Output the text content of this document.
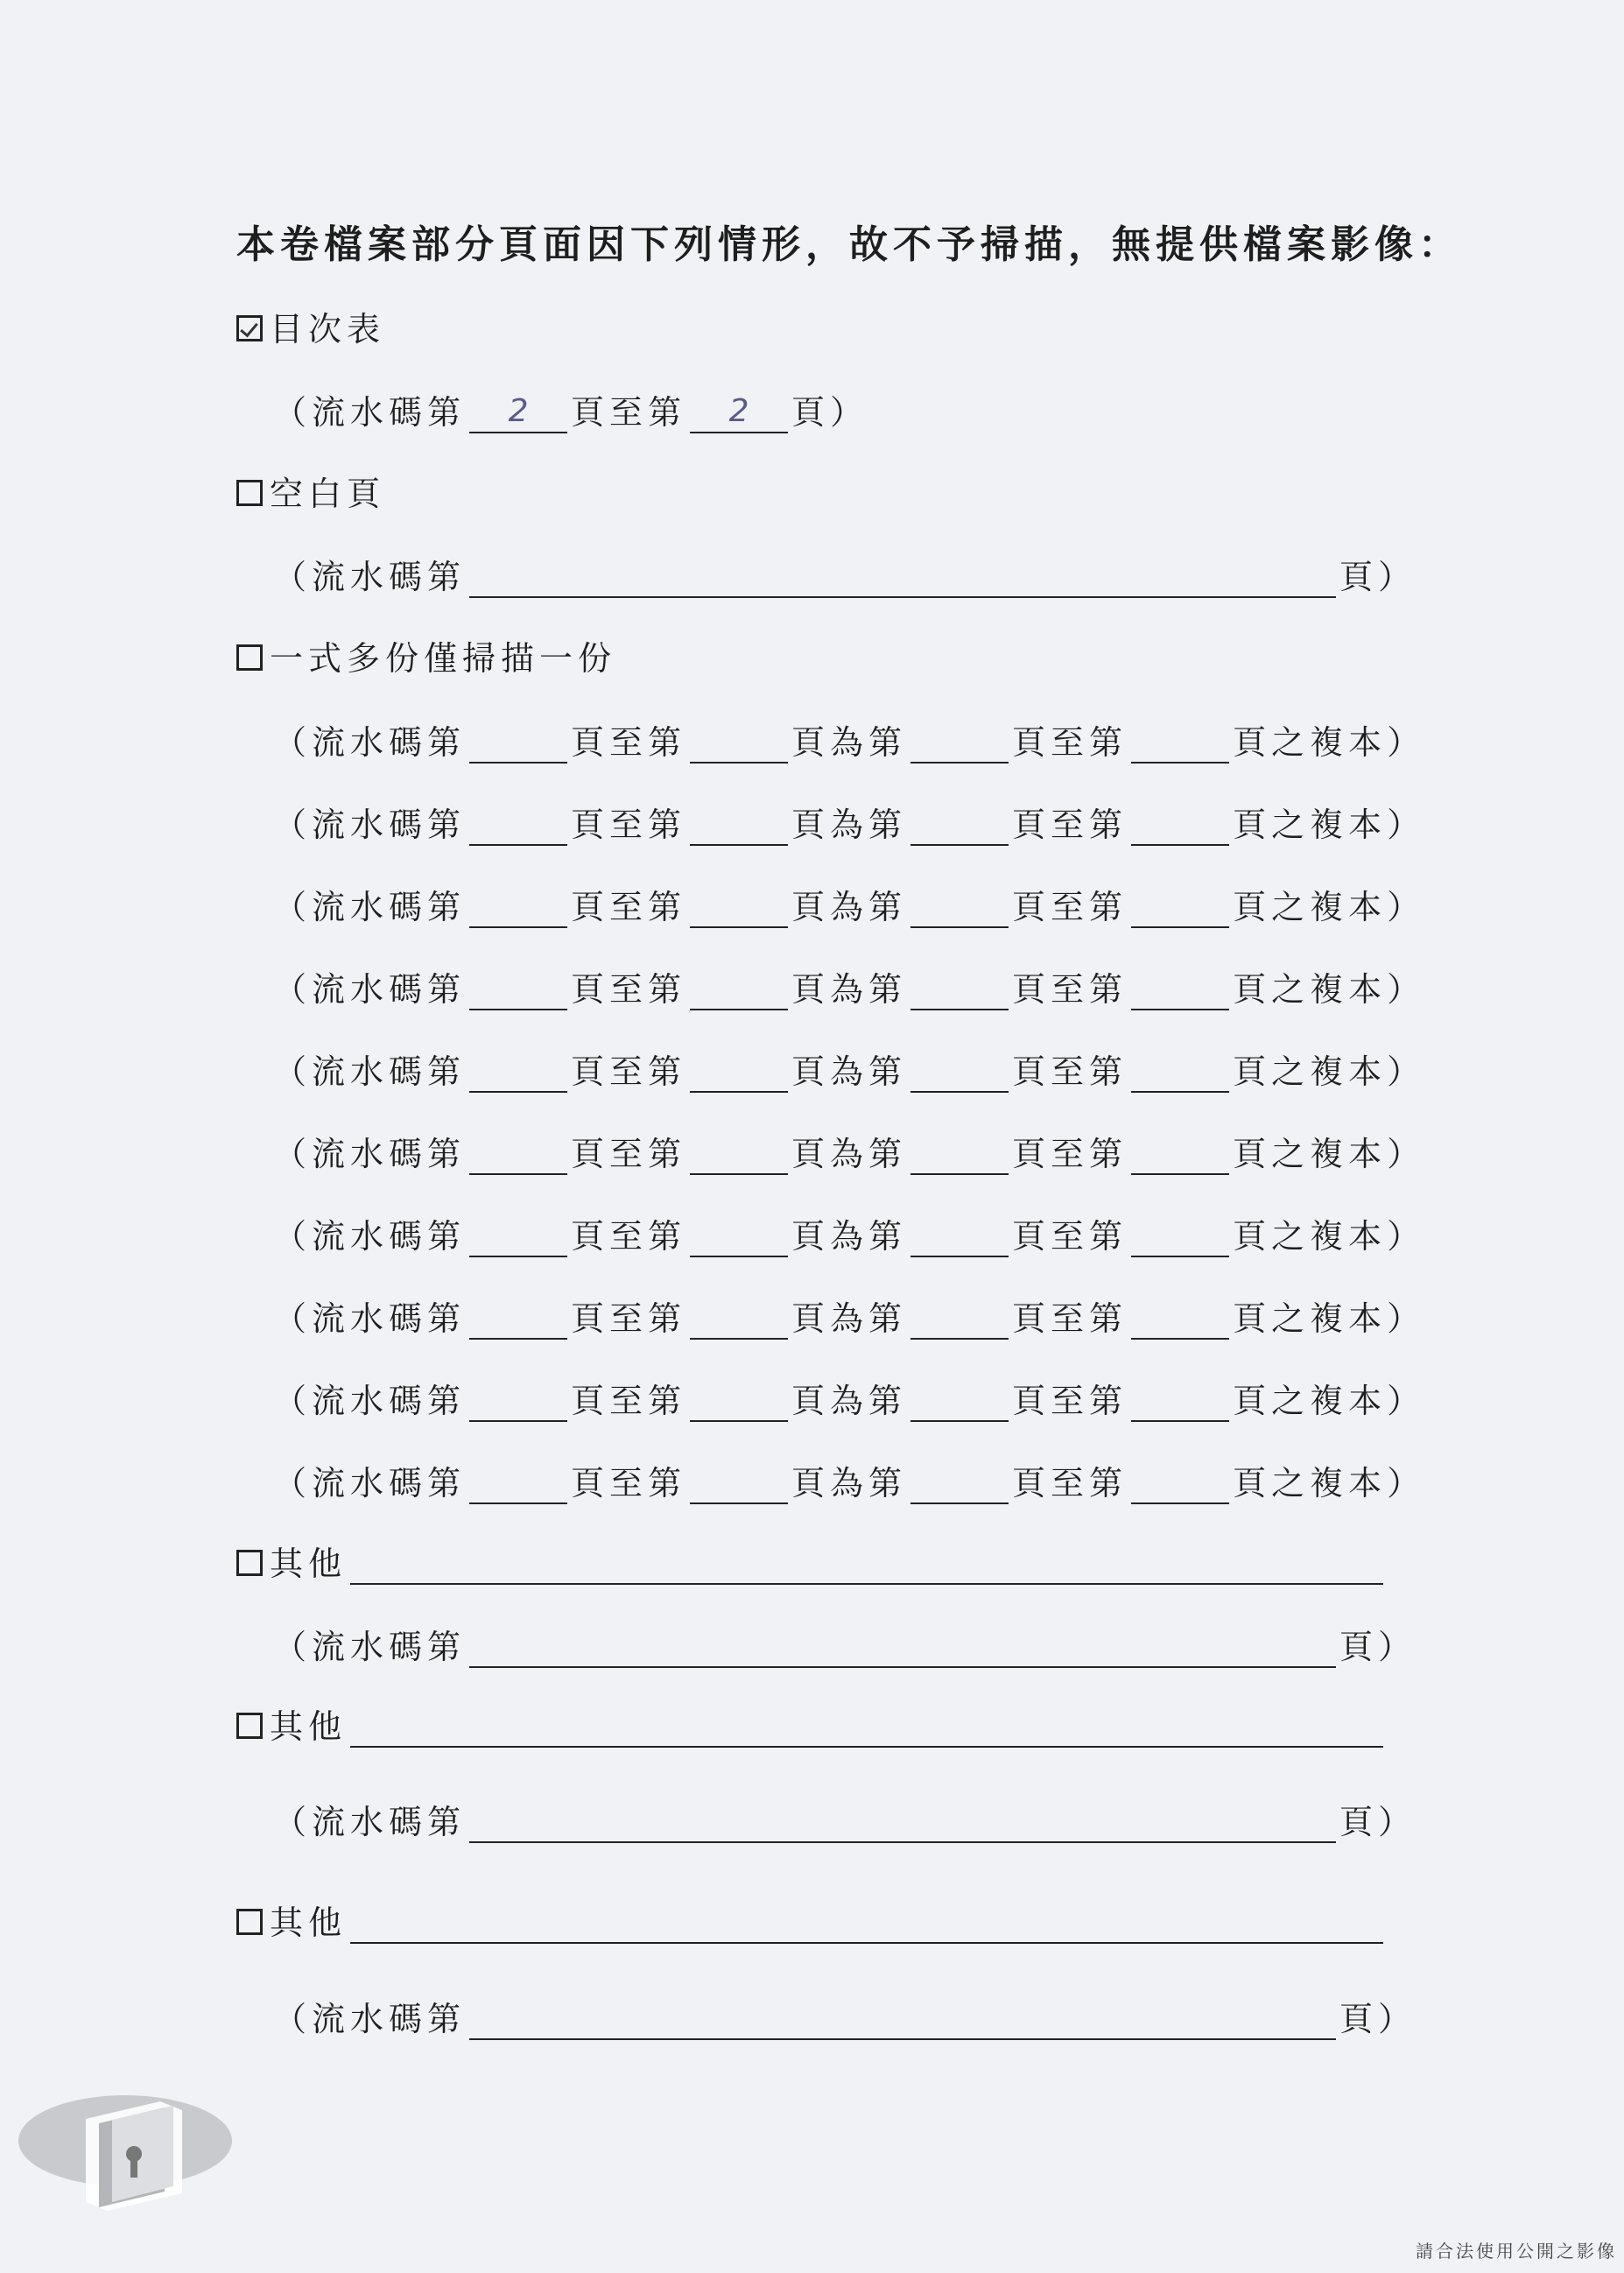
本卷檔案部分頁面因下列情形，故不予掃描，無提供檔案影像：
目次表
（流水碼第	2	頁至第	2	頁）
空白頁
（流水碼第	頁）
一式多份僅掃描一份
（流水碼第	頁至第	頁為第	頁至第	頁之複本）
（流水碼第	頁至第	頁為第	頁至第	頁之複本）
（流水碼第	頁至第	頁為第	頁至第	頁之複本）
（流水碼第	頁至第	頁為第	頁至第	頁之複本）
（流水碼第	頁至第	頁為第	頁至第	頁之複本）
（流水碼第	頁至第	頁為第	頁至第	頁之複本）
（流水碼第	頁至第	頁為第	頁至第	頁之複本）
（流水碼第	頁至第	頁為第	頁至第	頁之複本）
（流水碼第	頁至第	頁為第	頁至第	頁之複本）
（流水碼第	頁至第	頁為第	頁至第	頁之複本）
其他
（流水碼第	頁）
其他
（流水碼第	頁）
其他
（流水碼第	頁）
請合法使用公開之影像
